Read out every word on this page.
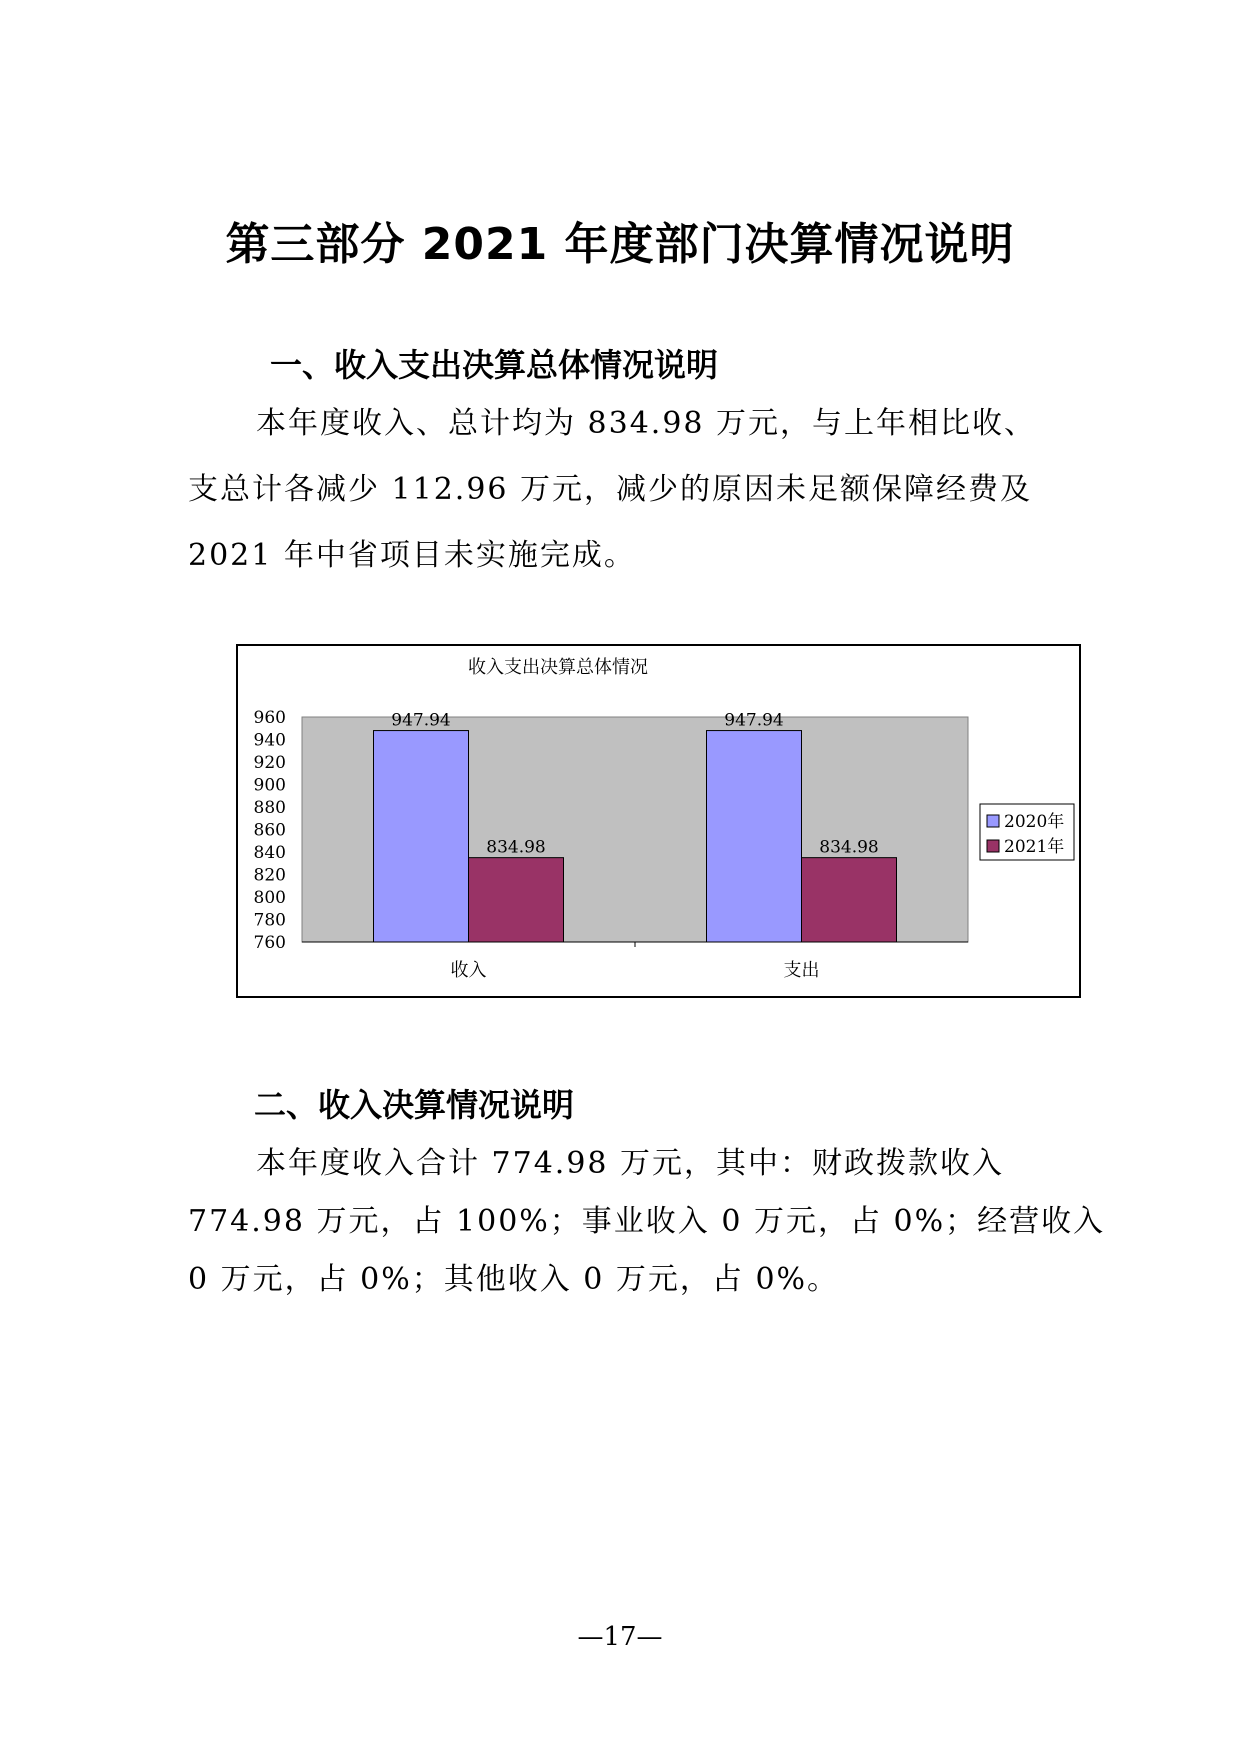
第三部分 2021 年度部门决算情况说明
一、收入支出决算总体情况说明
本年度收入、总计均为 834.98 万元，与上年相比收、
支总计各减少 112.96 万元，减少的原因未足额保障经费及
2021 年中省项目未实施完成。
收入支出决算总体情况
960
940
920
900
880
860
840
820
800
780
760
947.94
834.98
收入
947.94
834.98
支出
2020年
2021年
二、收入决算情况说明
本年度收入合计 774.98 万元，其中：财政拨款收入
774.98 万元，占 100%；事业收入 0 万元，占 0%；经营收入
0 万元，占 0%；其他收入 0 万元，占 0%。
—17—
